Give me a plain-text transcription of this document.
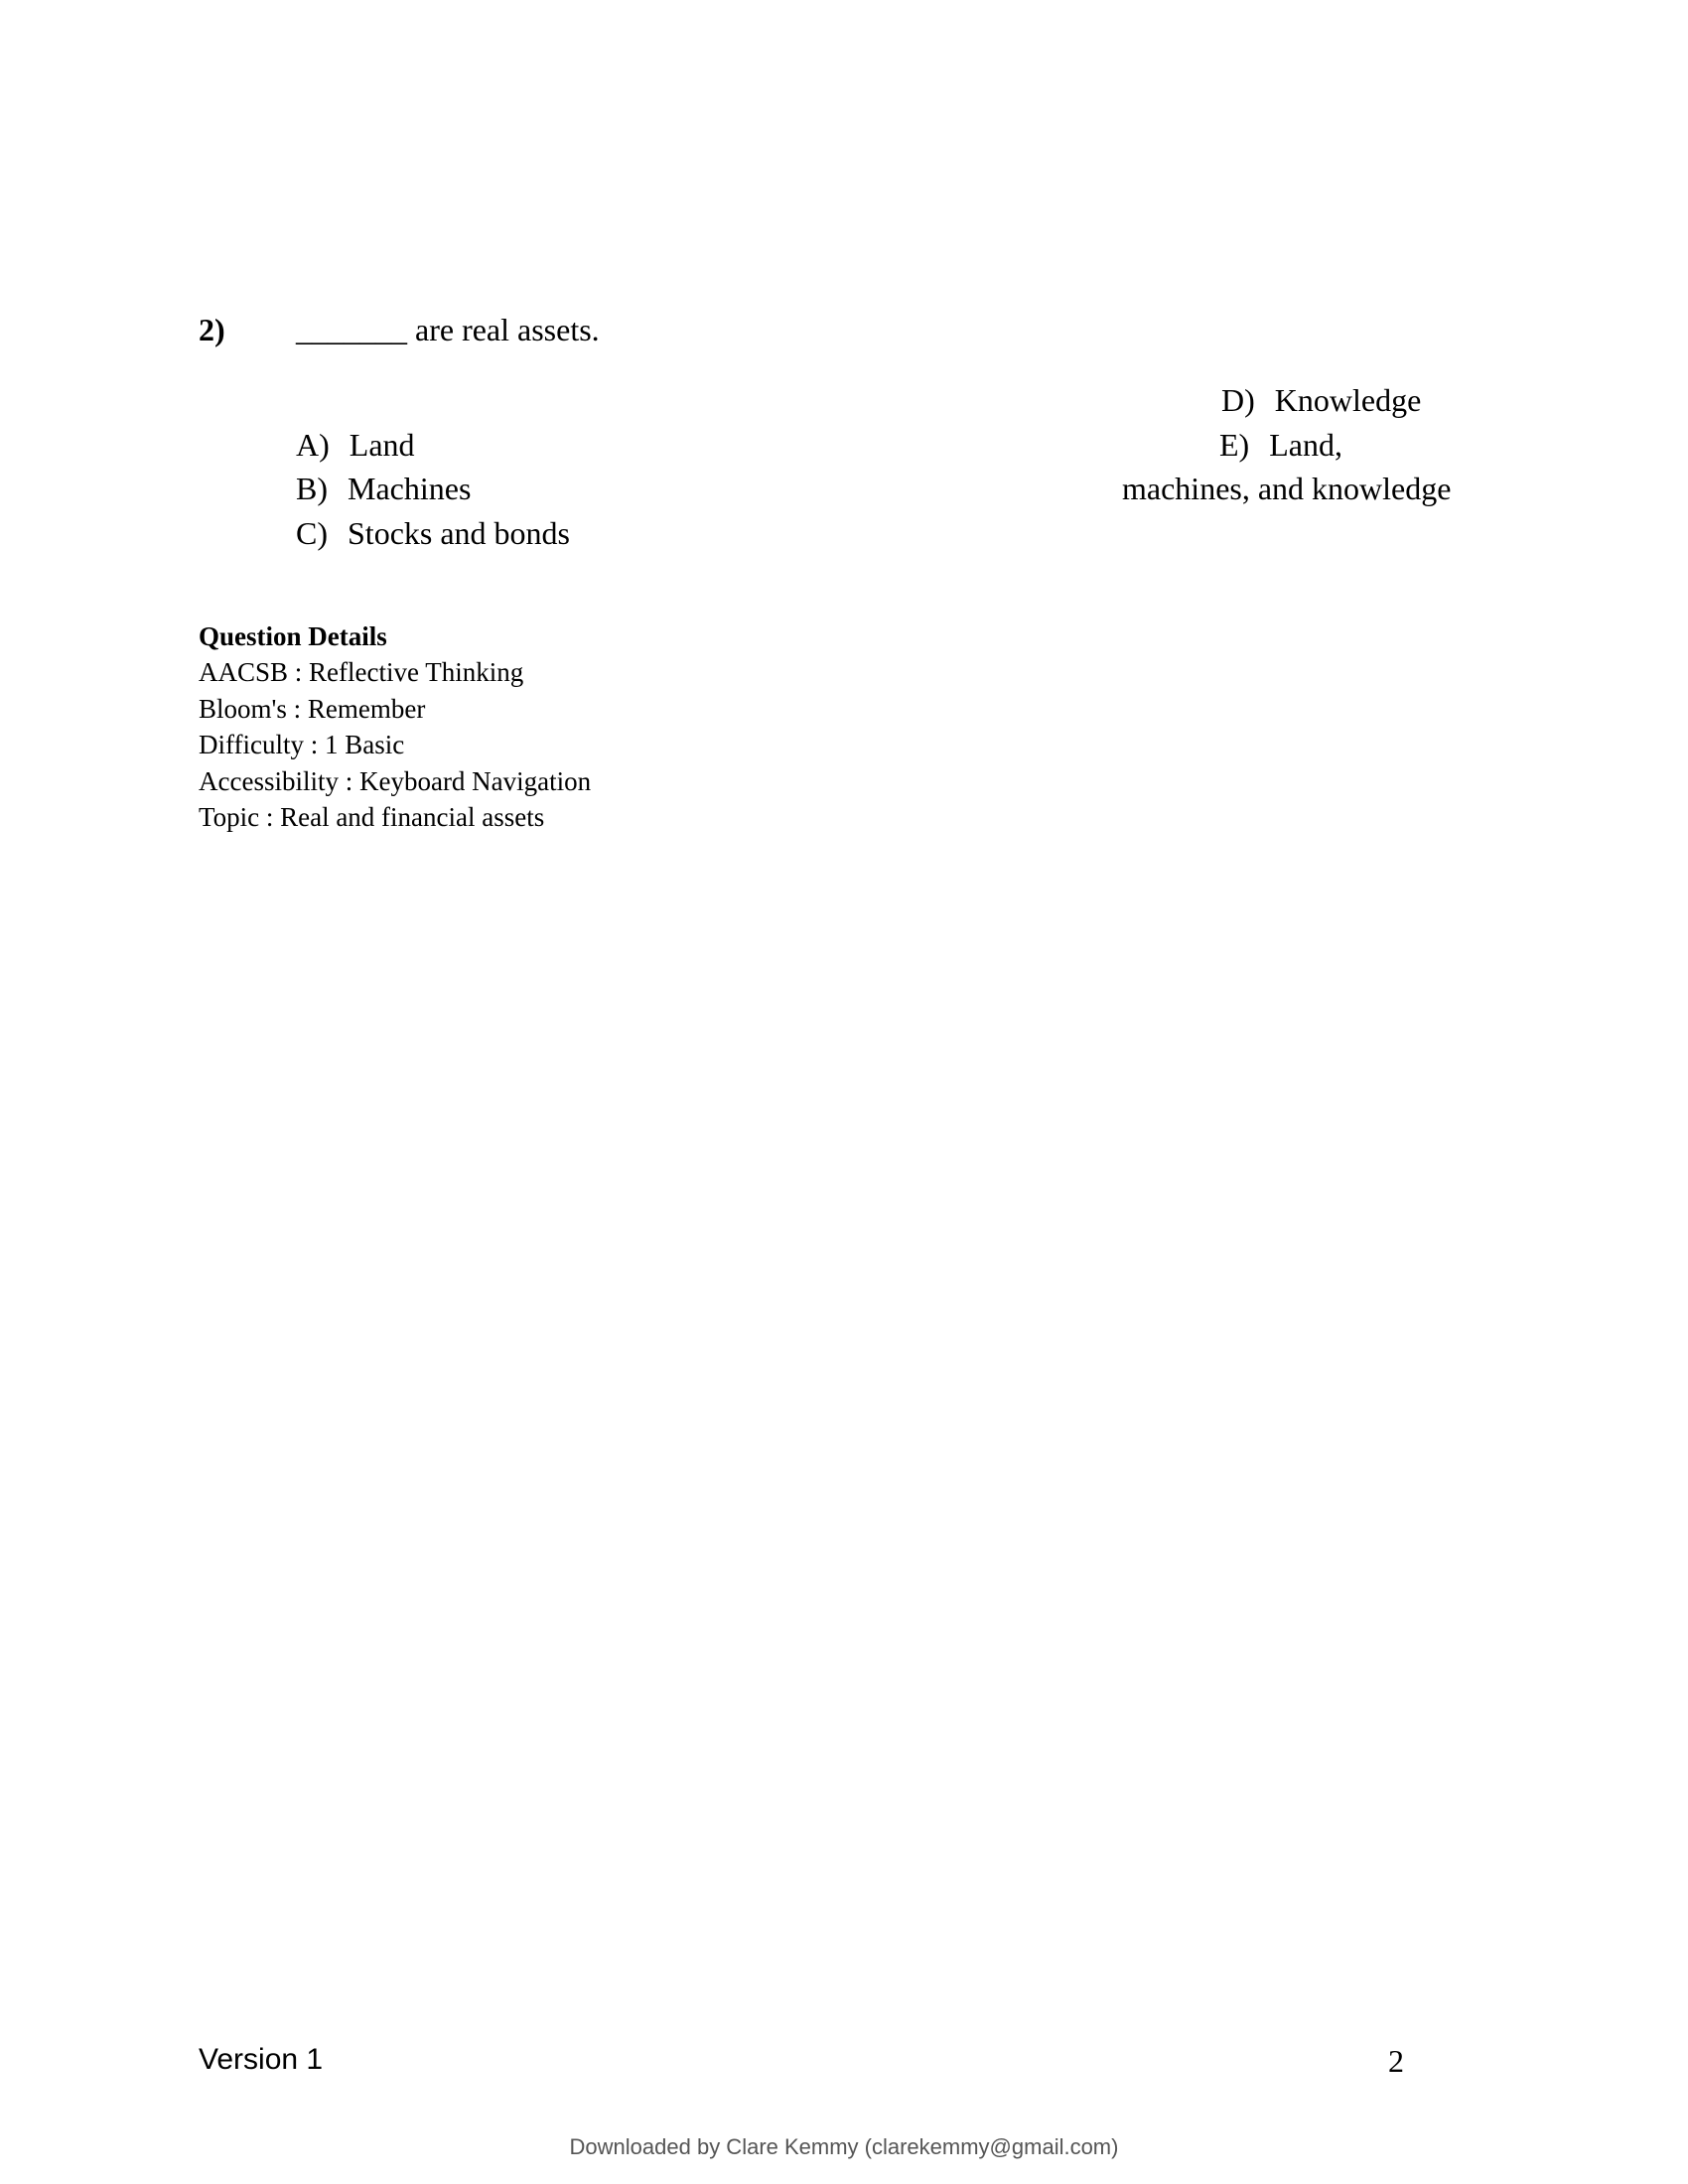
2) _______ are real assets.
A) Land
B) Machines
C) Stocks and bonds
D) Knowledge
E) Land,
machines, and knowledge
Question Details
AACSB : Reflective Thinking
Bloom's : Remember
Difficulty : 1 Basic
Accessibility : Keyboard Navigation
Topic : Real and financial assets
Version 1	2
Downloaded by Clare Kemmy (clarekemmy@gmail.com)
